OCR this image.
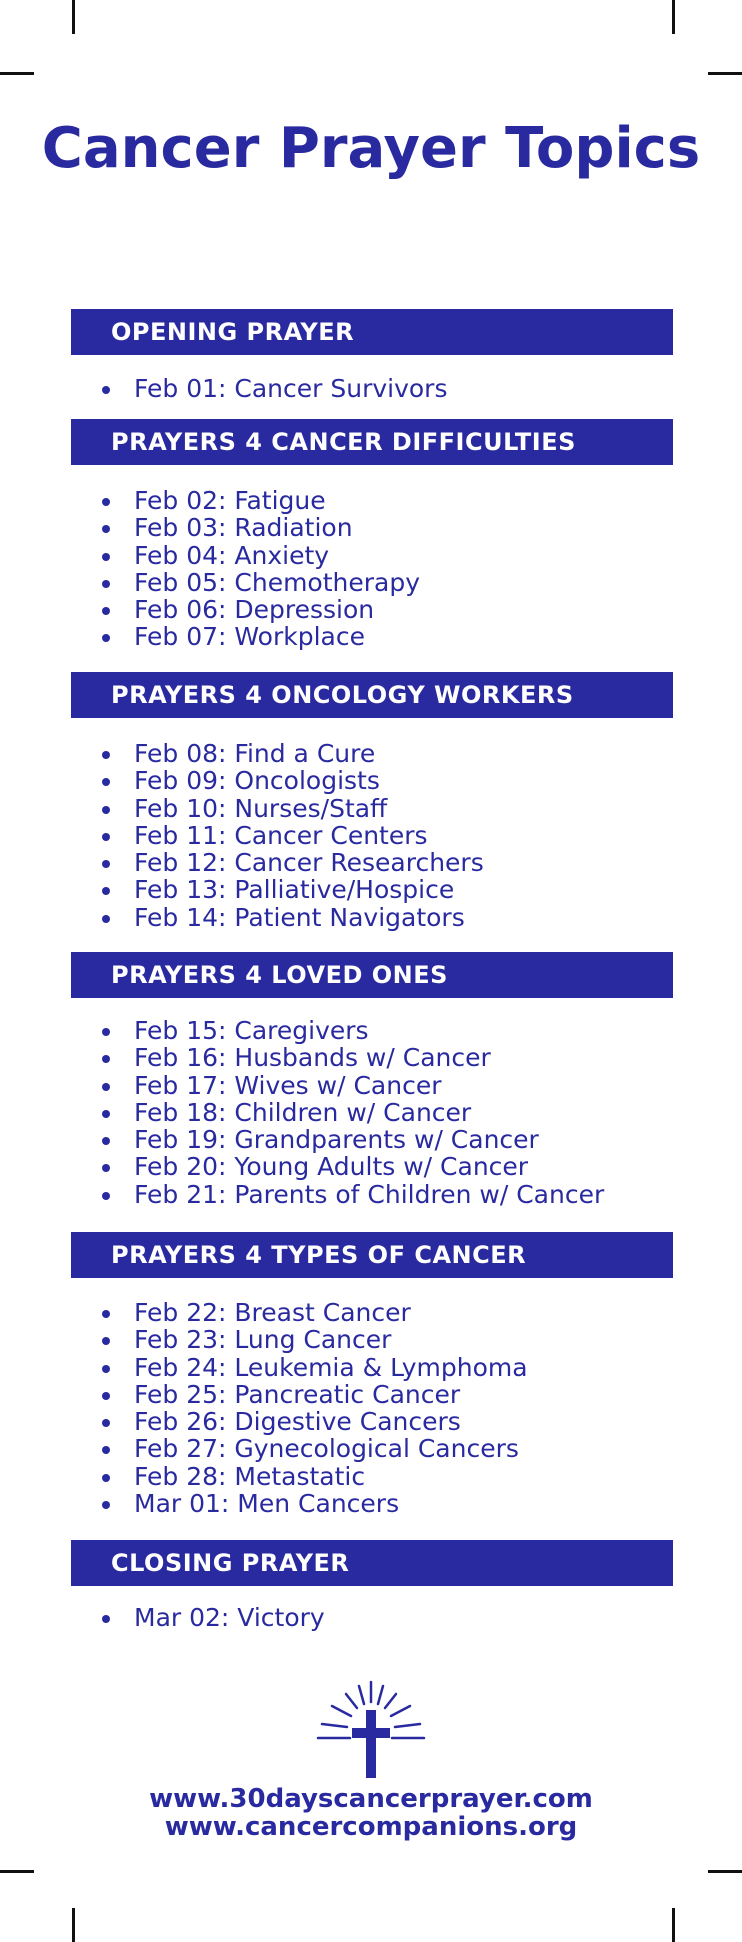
Cancer Prayer Topics
OPENING PRAYER
Feb 01: Cancer Survivors
PRAYERS 4 CANCER DIFFICULTIES
Feb 02: Fatigue
Feb 03: Radiation
Feb 04: Anxiety
Feb 05: Chemotherapy
Feb 06: Depression
Feb 07: Workplace
PRAYERS 4 ONCOLOGY WORKERS
Feb 08: Find a Cure
Feb 09: Oncologists
Feb 10: Nurses/Staff
Feb 11: Cancer Centers
Feb 12: Cancer Researchers
Feb 13: Palliative/Hospice
Feb 14: Patient Navigators
PRAYERS 4 LOVED ONES
Feb 15: Caregivers
Feb 16: Husbands w/ Cancer
Feb 17: Wives w/ Cancer
Feb 18: Children w/ Cancer
Feb 19: Grandparents w/ Cancer
Feb 20: Young Adults w/ Cancer
Feb 21: Parents of Children w/ Cancer
PRAYERS 4 TYPES OF CANCER
Feb 22: Breast Cancer
Feb 23: Lung Cancer
Feb 24: Leukemia & Lymphoma
Feb 25: Pancreatic Cancer
Feb 26: Digestive Cancers
Feb 27: Gynecological Cancers
Feb 28: Metastatic
Mar 01: Men Cancers
CLOSING PRAYER
Mar 02: Victory

www.30dayscancerprayer.com

www.cancercompanions.org
